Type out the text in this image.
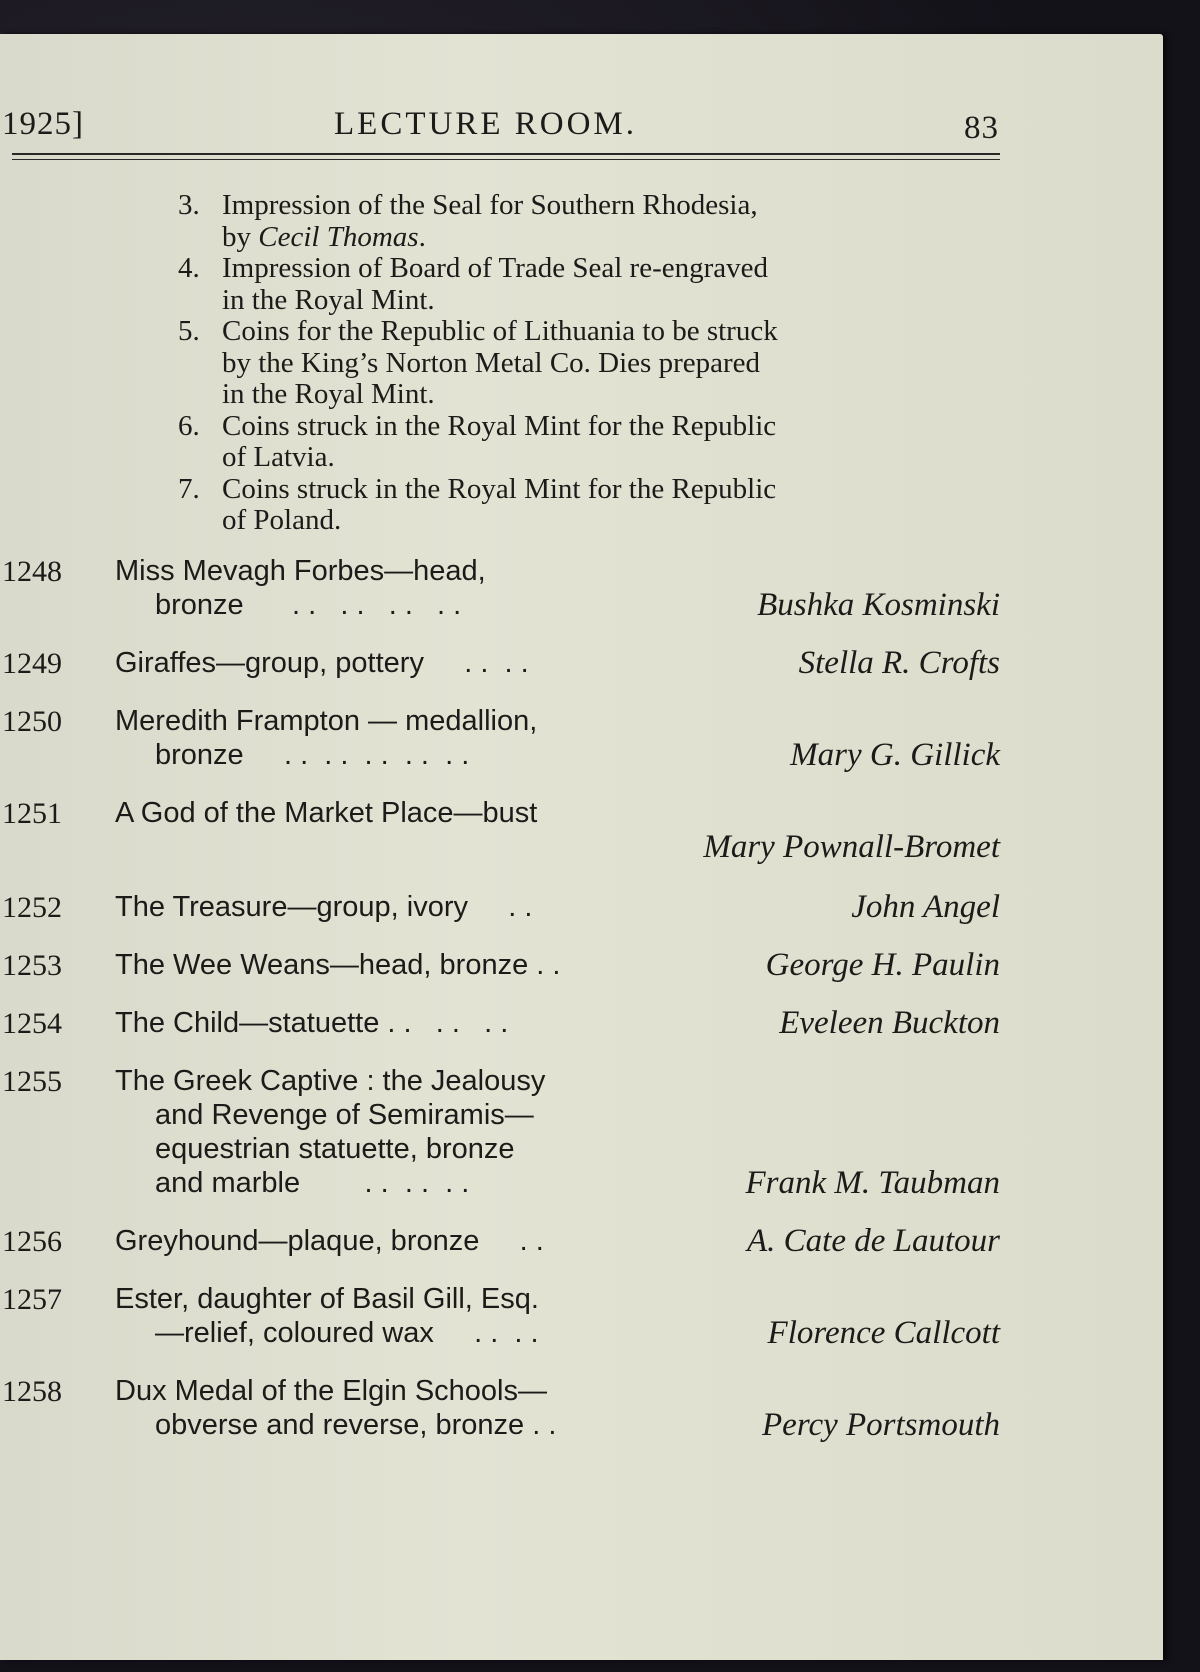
1925]	LECTURE ROOM.	83
3. Impression of the Seal for Southern Rhodesia,
by Cecil Thomas.
4. Impression of Board of Trade Seal re-engraved
in the Royal Mint.
5. Coins for the Republic of Lithuania to be struck
by the King’s Norton Metal Co. Dies prepared
in the Royal Mint.
6. Coins struck in the Royal Mint for the Republic
of Latvia.
7. Coins struck in the Royal Mint for the Republic
of Poland.
1248 Miss Mevagh Forbes—head,
bronze      . .   . .   . .   . .	Bushka Kosminski
1249 Giraffes—group, pottery     . .  . .	Stella R. Crofts
1250 Meredith Frampton — medallion,
bronze     . .  . .  . .  . .  . .	Mary G. Gillick
1251 A God of the Market Place—bust
Mary Pownall-Bromet
1252 The Treasure—group, ivory     . .	John Angel
1253 The Wee Weans—head, bronze . .	George H. Paulin
1254 The Child—statuette . .   . .   . .	Eveleen Buckton
1255 The Greek Captive : the Jealousy
and Revenge of Semiramis—
equestrian statuette, bronze
and marble        . .  . .  . .	Frank M. Taubman
1256 Greyhound—plaque, bronze     . .	A. Cate de Lautour
1257 Ester, daughter of Basil Gill, Esq.
—relief, coloured wax     . .  . .	Florence Callcott
1258 Dux Medal of the Elgin Schools—
obverse and reverse, bronze . .	Percy Portsmouth
